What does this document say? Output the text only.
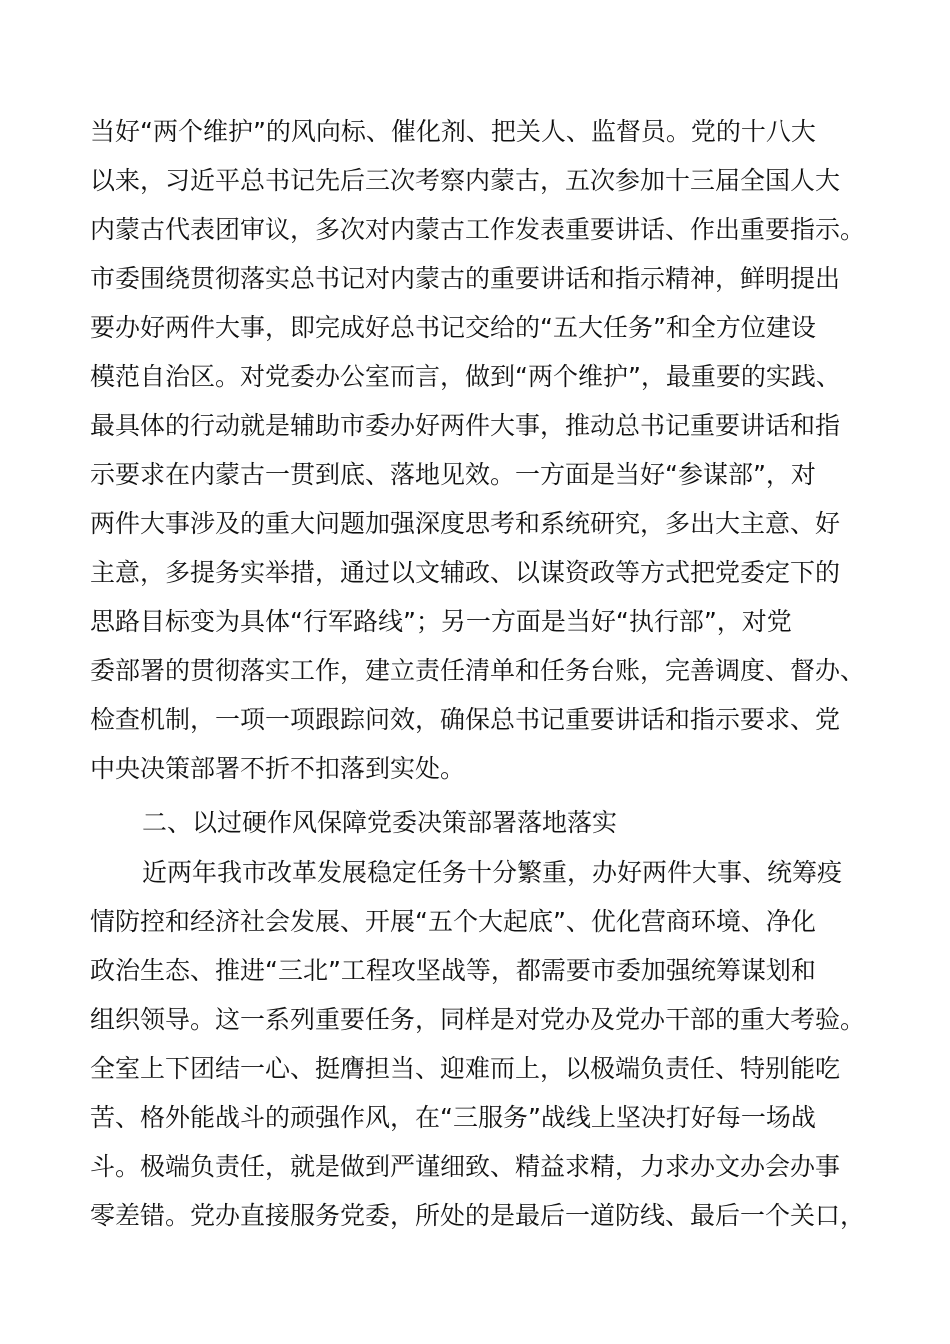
当好“两个维护”的风向标、催化剂、把关人、监督员。党的十八大
以来，习近平总书记先后三次考察内蒙古，五次参加十三届全国人大
内蒙古代表团审议，多次对内蒙古工作发表重要讲话、作出重要指示。
市委围绕贯彻落实总书记对内蒙古的重要讲话和指示精神，鲜明提出
要办好两件大事，即完成好总书记交给的“五大任务”和全方位建设
模范自治区。对党委办公室而言，做到“两个维护”，最重要的实践、
最具体的行动就是辅助市委办好两件大事，推动总书记重要讲话和指
示要求在内蒙古一贯到底、落地见效。一方面是当好“参谋部”，对
两件大事涉及的重大问题加强深度思考和系统研究，多出大主意、好
主意，多提务实举措，通过以文辅政、以谋资政等方式把党委定下的
思路目标变为具体“行军路线”；另一方面是当好“执行部”，对党
委部署的贯彻落实工作，建立责任清单和任务台账，完善调度、督办、
检查机制，一项一项跟踪问效，确保总书记重要讲话和指示要求、党
中央决策部署不折不扣落到实处。
二、以过硬作风保障党委决策部署落地落实
近两年我市改革发展稳定任务十分繁重，办好两件大事、统筹疫
情防控和经济社会发展、开展“五个大起底”、优化营商环境、净化
政治生态、推进“三北”工程攻坚战等，都需要市委加强统筹谋划和
组织领导。这一系列重要任务，同样是对党办及党办干部的重大考验。
全室上下团结一心、挺膺担当、迎难而上，以极端负责任、特别能吃
苦、格外能战斗的顽强作风，在“三服务”战线上坚决打好每一场战
斗。极端负责任，就是做到严谨细致、精益求精，力求办文办会办事
零差错。党办直接服务党委，所处的是最后一道防线、最后一个关口，
